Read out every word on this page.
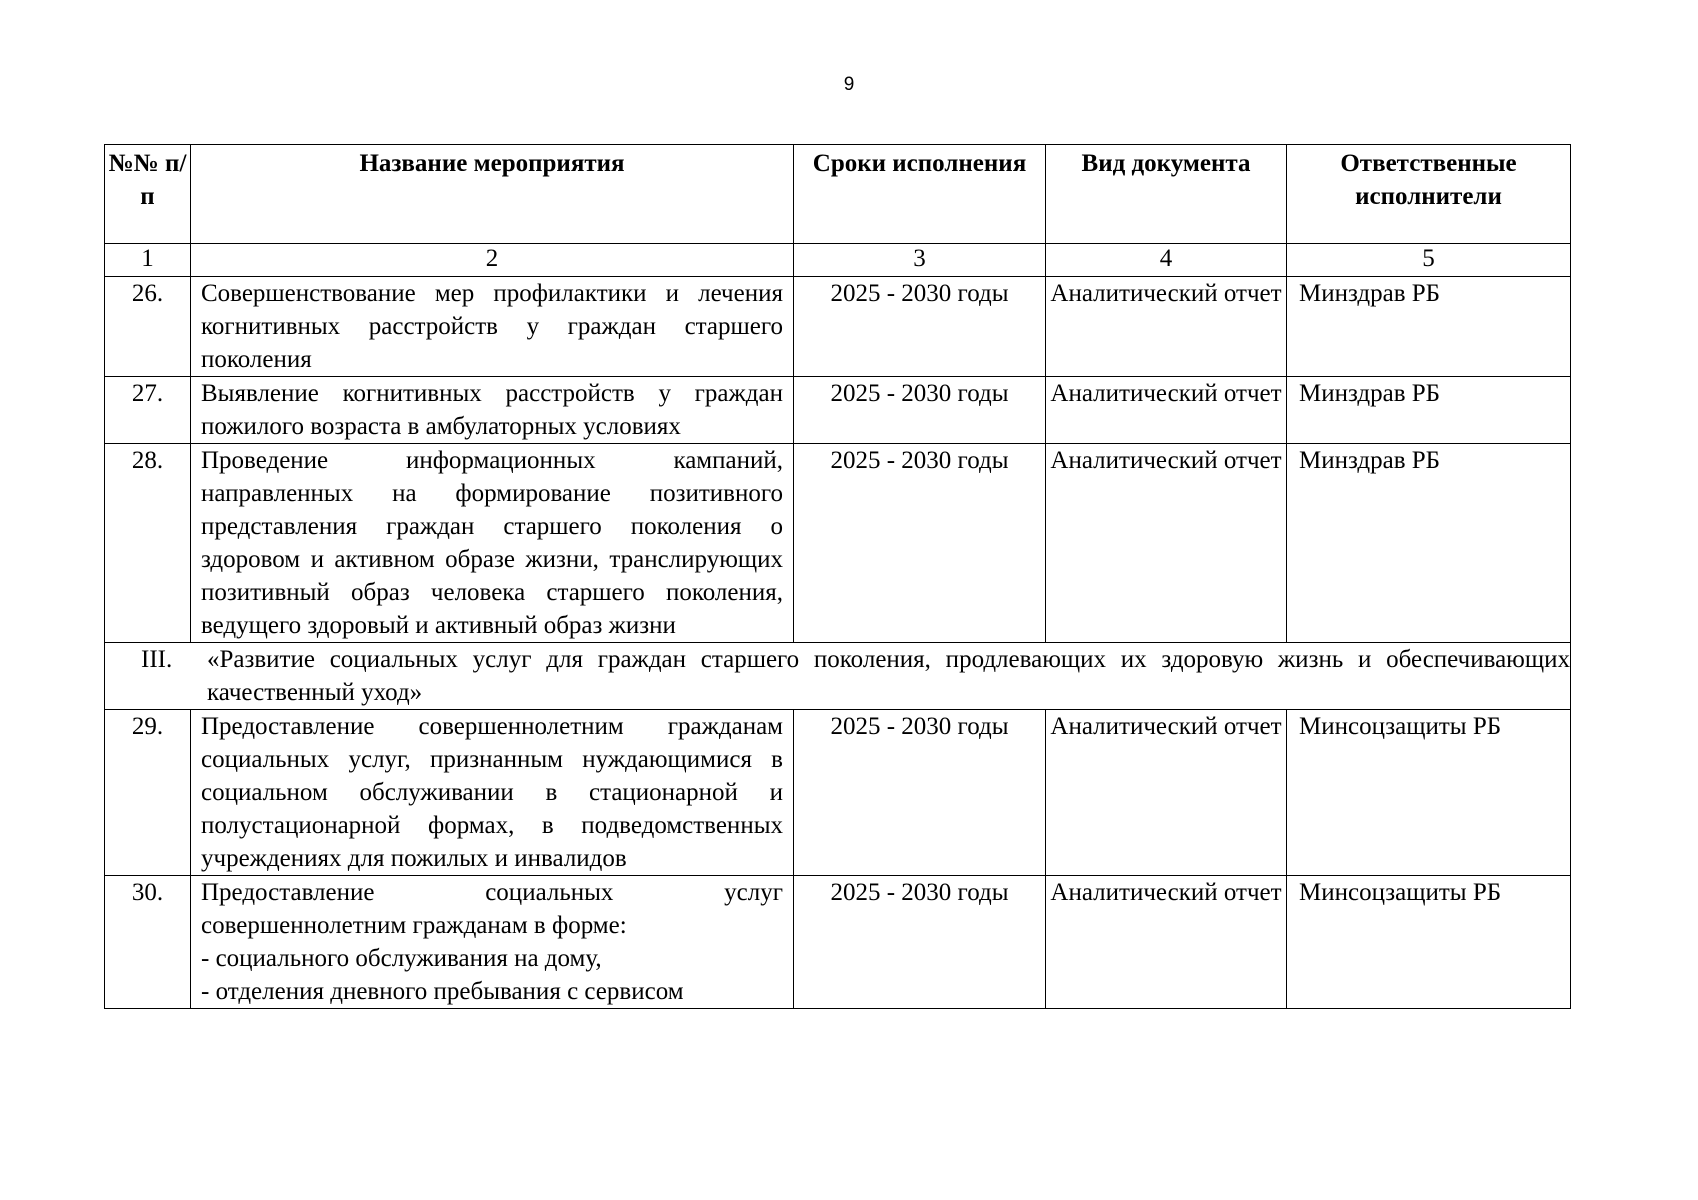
9
№№ п/п	Название мероприятия	Сроки исполнения	Вид документа	Ответственные исполнители
1	2	3	4	5
26.	Совершенствование мер профилактики и лечения когнитивных расстройств у граждан старшего поколения	2025 - 2030 годы	Аналитический отчет	Минздрав РБ
27.	Выявление когнитивных расстройств у граждан пожилого возраста в амбулаторных условиях	2025 - 2030 годы	Аналитический отчет	Минздрав РБ
28.	Проведение информационных кампаний, направленных на формирование позитивного представления граждан старшего поколения о здоровом и активном образе жизни, транслирующих позитивный образ человека старшего поколения, ведущего здоровый и активный образ жизни	2025 - 2030 годы	Аналитический отчет	Минздрав РБ

III. «Развитие социальных услуг для граждан старшего поколения, продлевающих их здоровую жизнь и обеспечивающих качественный уход»				

29.	Предоставление совершеннолетним гражданам социальных услуг, признанным нуждающимися в социальном обслуживании в стационарной и полустационарной формах, в подведомственных учреждениях для пожилых и инвалидов	2025 - 2030 годы	Аналитический отчет	Минсоцзащиты РБ
30.	Предоставление социальных услуг совершеннолетним гражданам в форме:
- социального обслуживания на дому,
- отделения дневного пребывания с сервисом	2025 - 2030 годы	Аналитический отчет	Минсоцзащиты РБ
